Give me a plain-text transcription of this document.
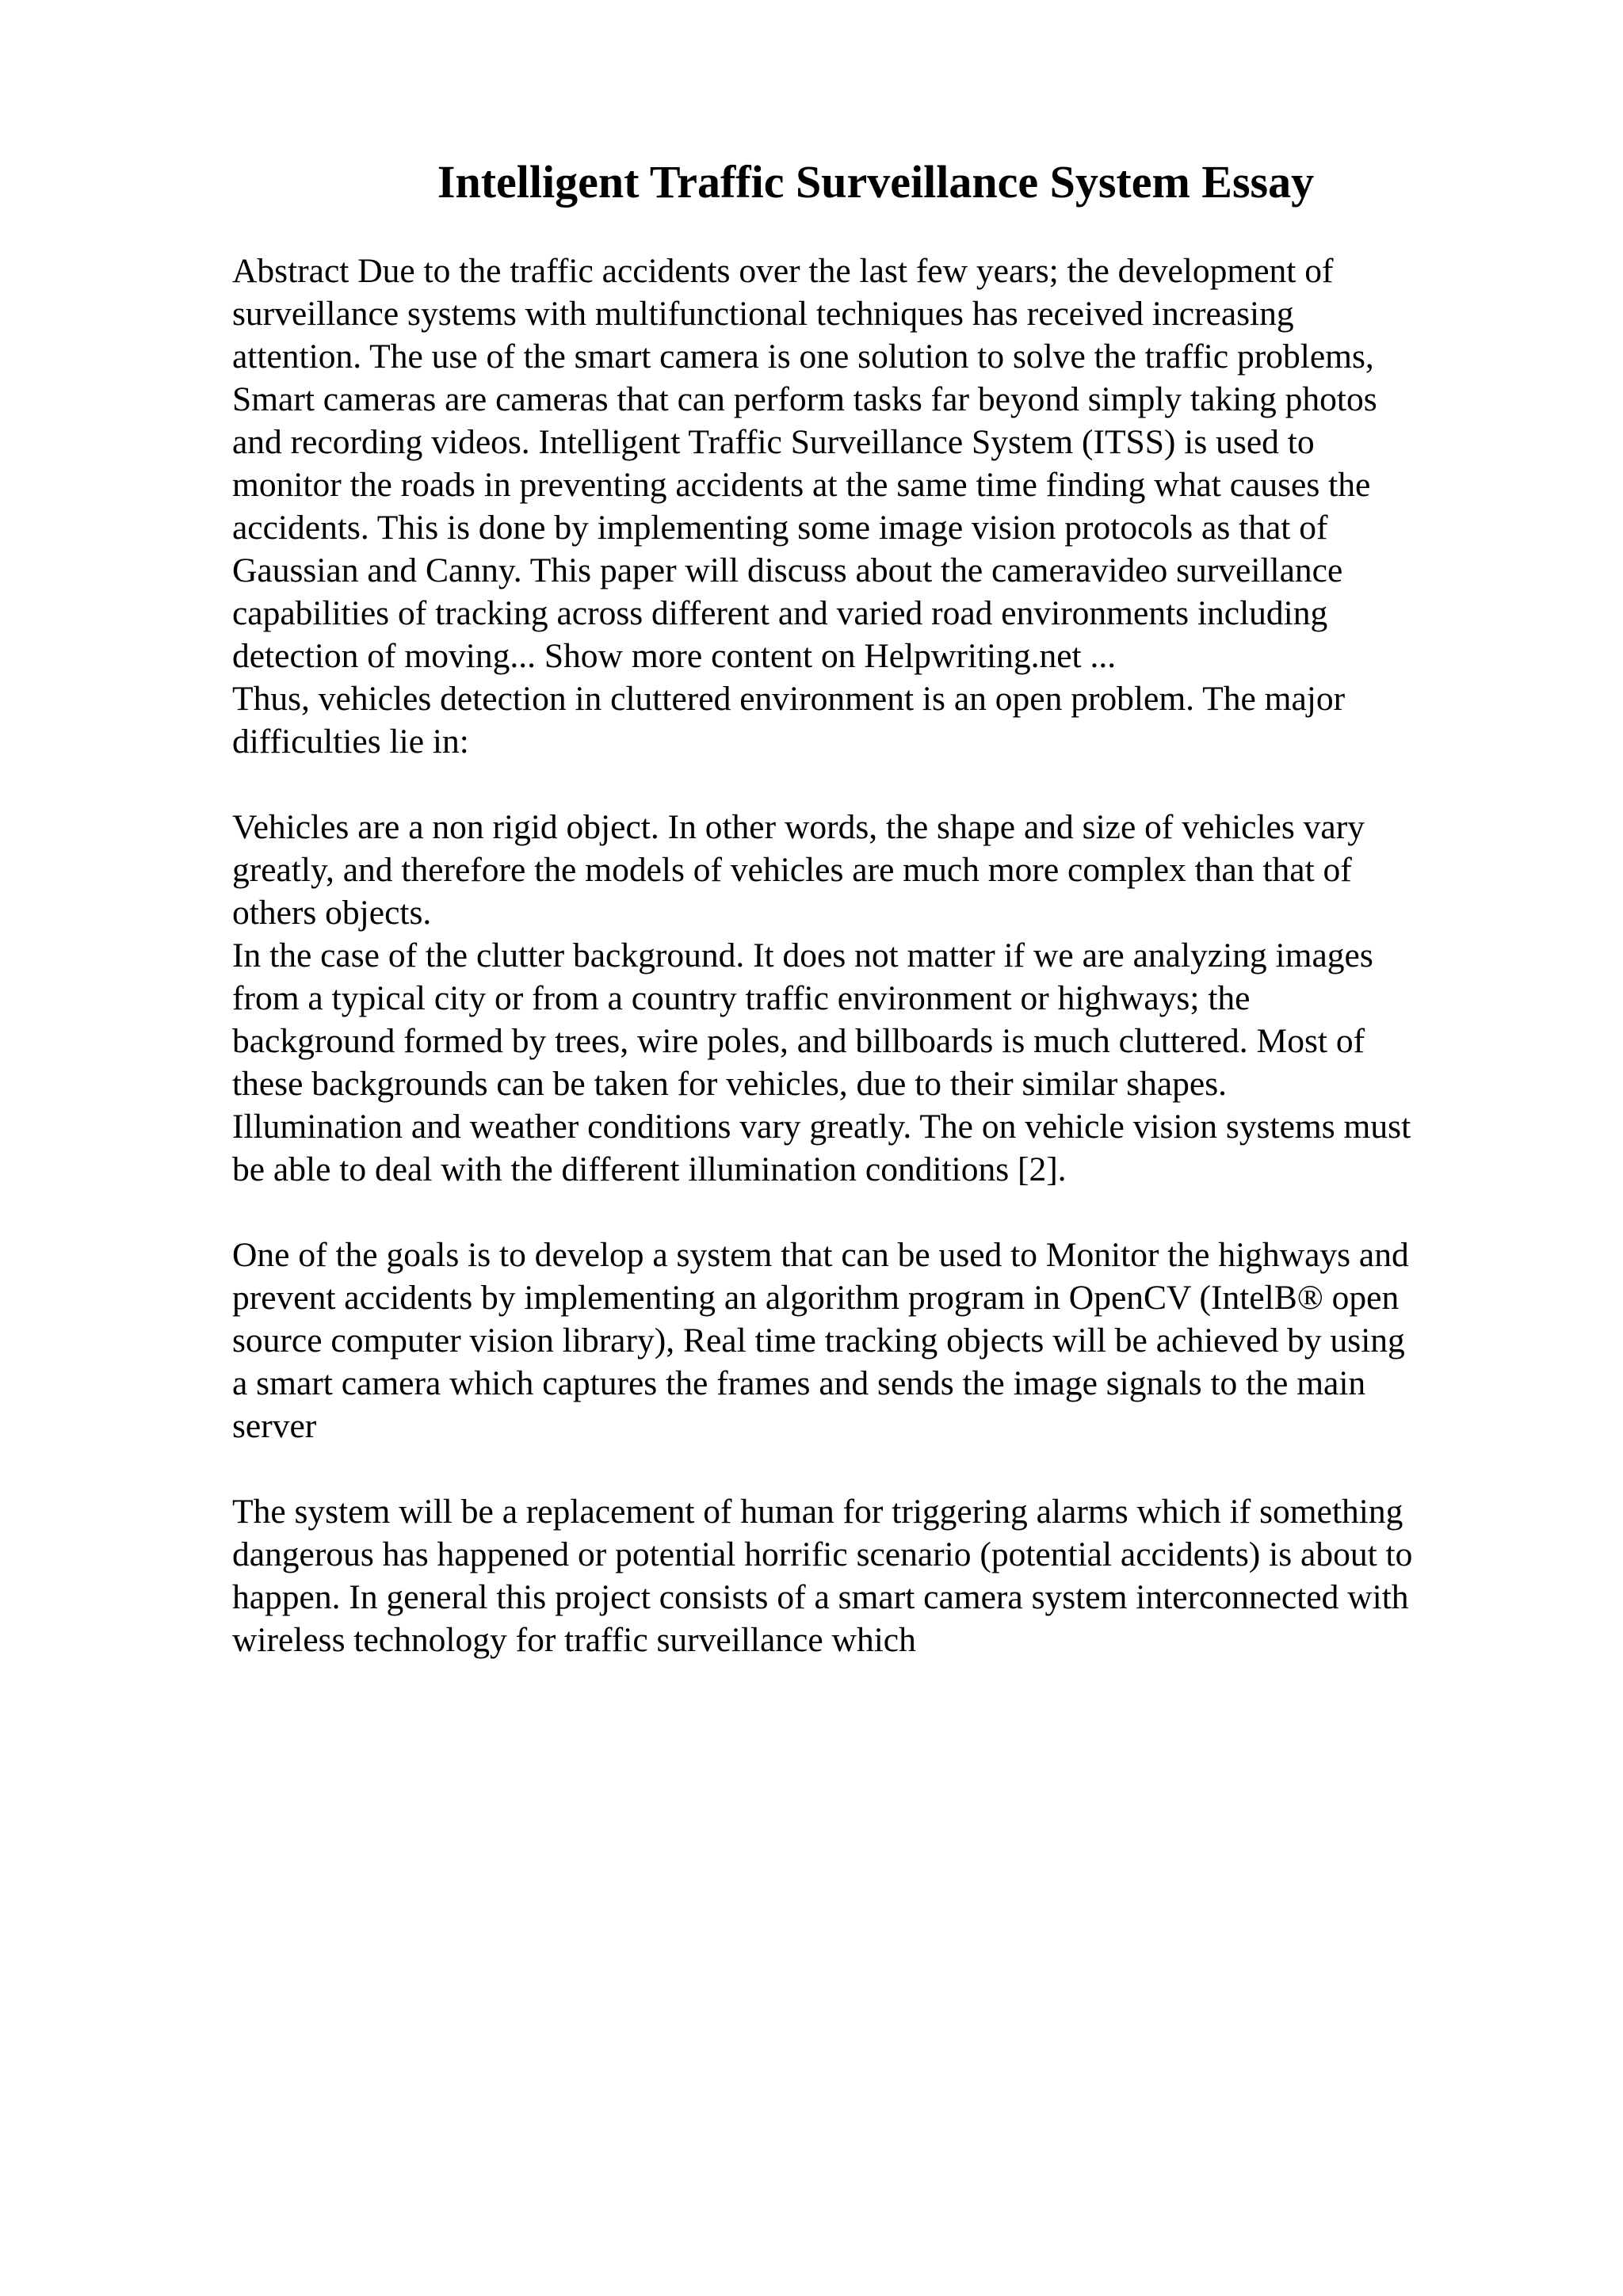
Intelligent Traffic Surveillance System Essay
Abstract Due to the traffic accidents over the last few years; the development of
surveillance systems with multifunctional techniques has received increasing
attention. The use of the smart camera is one solution to solve the traffic problems,
Smart cameras are cameras that can perform tasks far beyond simply taking photos
and recording videos. Intelligent Traffic Surveillance System (ITSS) is used to
monitor the roads in preventing accidents at the same time finding what causes the
accidents. This is done by implementing some image vision protocols as that of
Gaussian and Canny. This paper will discuss about the cameravideo surveillance
capabilities of tracking across different and varied road environments including
detection of moving... Show more content on Helpwriting.net ...
Thus, vehicles detection in cluttered environment is an open problem. The major
difficulties lie in:
Vehicles are a non rigid object. In other words, the shape and size of vehicles vary
greatly, and therefore the models of vehicles are much more complex than that of
others objects.
In the case of the clutter background. It does not matter if we are analyzing images
from a typical city or from a country traffic environment or highways; the
background formed by trees, wire poles, and billboards is much cluttered. Most of
these backgrounds can be taken for vehicles, due to their similar shapes.
Illumination and weather conditions vary greatly. The on vehicle vision systems must
be able to deal with the different illumination conditions [2].
One of the goals is to develop a system that can be used to Monitor the highways and
prevent accidents by implementing an algorithm program in OpenCV (IntelB® open
source computer vision library), Real time tracking objects will be achieved by using
a smart camera which captures the frames and sends the image signals to the main
server
The system will be a replacement of human for triggering alarms which if something
dangerous has happened or potential horrific scenario (potential accidents) is about to
happen. In general this project consists of a smart camera system interconnected with
wireless technology for traffic surveillance which
